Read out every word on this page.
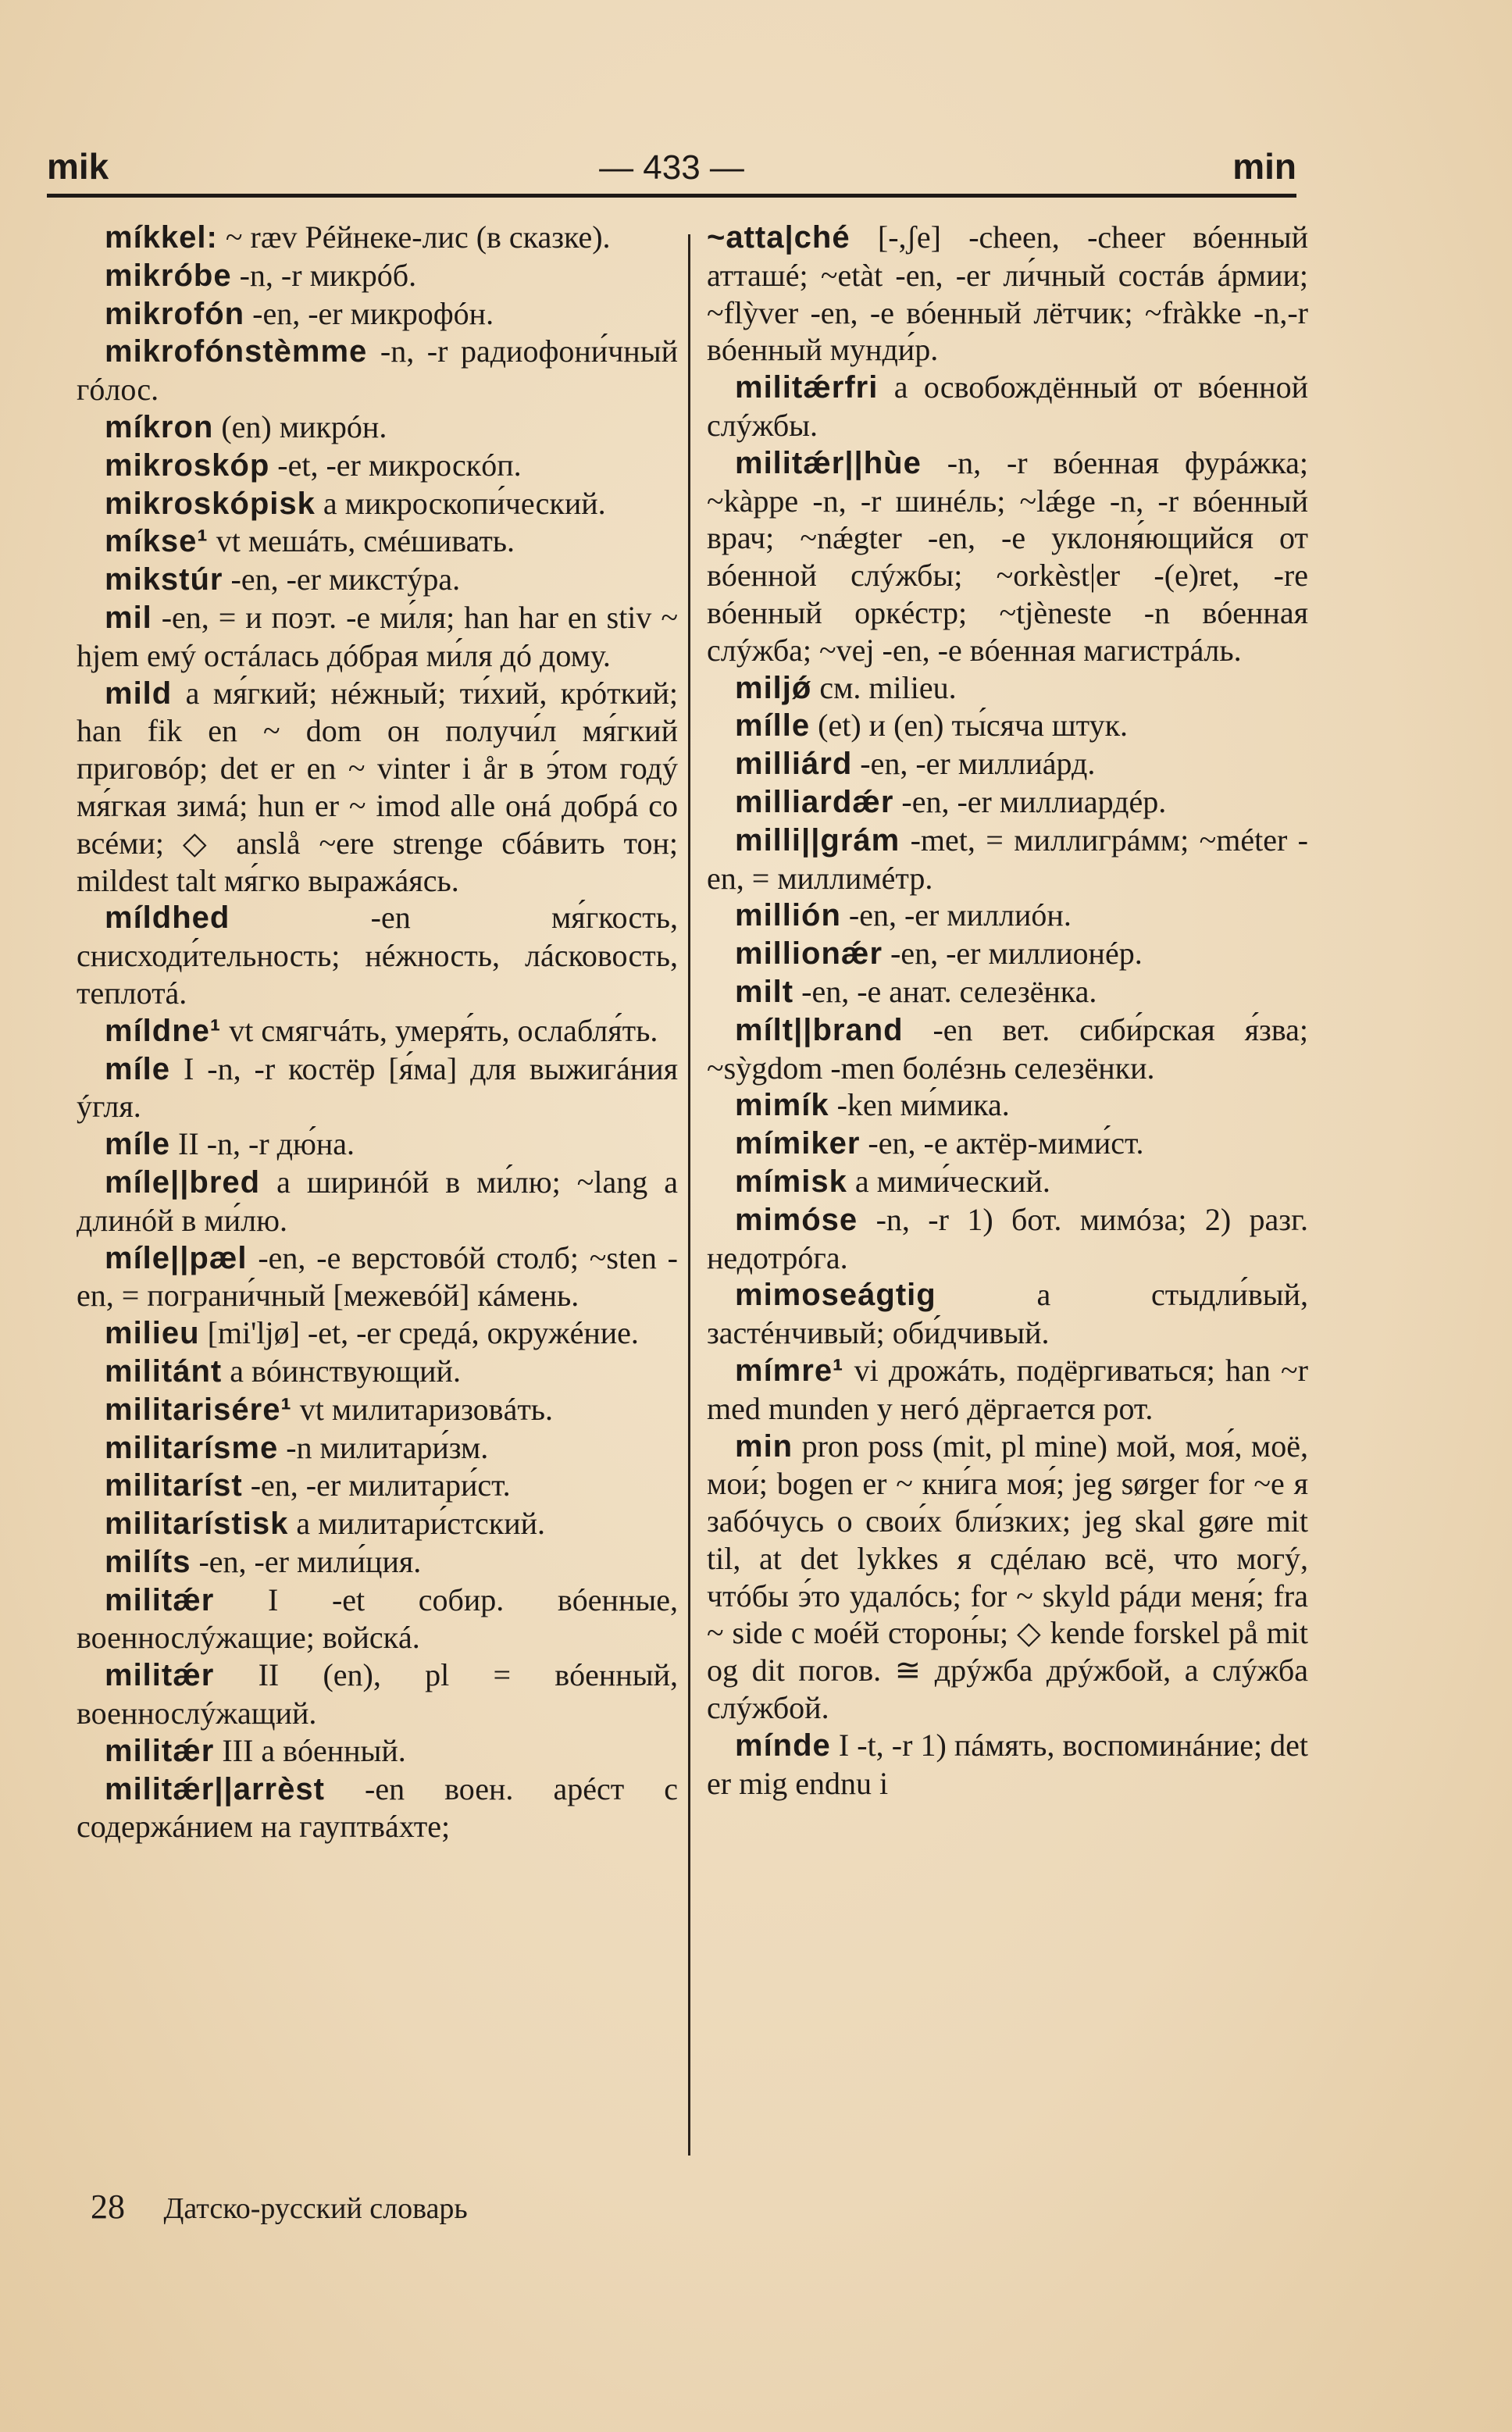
mik	— 433 —	min

míkkel: ~ ræv Рéйнеке-лис (в сказке).

mikróbe -n, -r микрóб.

mikrofón -en, -er микрофóн.

mikrofónstèmme -n, -r радиофони́чный гóлос.

míkron (en) микрóн.

mikroskóp -et, -er микроскóп.

mikroskópisk a микроскопи́ческий.

míkse¹ vt мешáть, смéшивать.

mikstúr -en, -er микстýра.

mil -en, = и поэт. -e ми́ля; han har en stiv ~ hjem емý остáлась дóбрая ми́ля дó дому.

mild a мя́гкий; нéжный; ти́хий, крóткий; han fik en ~ dom он получи́л мя́гкий приговóр; det er en ~ vinter i år в э́том годý мя́гкая зимá; hun er ~ imod alle онá добрá со всéми; ◇ anslå ~ere strenge сбáвить тон; mildest talt мя́гко выражáясь.

míldhed -en мя́гкость, снисходи́тельность; нéжность, лáсковость, теплотá.

míldne¹ vt смягчáть, умеря́ть, ослабля́ть.

míle I -n, -r костёр [я́ма] для выжигáния ýгля.

míle II -n, -r дю́на.

míle||bred a ширинóй в ми́лю; ~lang a длинóй в ми́лю.

míle||pæl -en, -e верстовóй столб; ~sten -en, = пограни́чный [межевóй] кáмень.

milieu [mi'ljø] -et, -er средá, окружéние.

militánt a вóинствующий.

militarisére¹ vt милитаризовáть.

militarísme -n милитари́зм.

militaríst -en, -er милитари́ст.

militarístisk a милитари́стский.

milíts -en, -er мили́ция.

militǽr I -et собир. вóенные, военнослýжащие; войскá.

militǽr II (en), pl = вóенный, военнослýжащий.

militǽr III a вóенный.

militǽr||arrèst -en воен. арéст с содержáнием на гауптвáхте;

~atta|ché [-,ʃe] -cheen, -cheer вóенный атташé; ~etàt -en, -er ли́чный состáв áрмии; ~flỳver -en, -e вóенный лётчик; ~fràkke -n,-r вóенный мунди́р.

militǽrfri a освобождённый от вóенной слýжбы.

militǽr||hùe -n, -r вóенная фурáжка; ~kàppe -n, -r шинéль; ~lǽge -n, -r вóенный врач; ~nǽgter -en, -e уклоня́ющийся от вóенной слýжбы; ~orkèst|er -(e)ret, -re вóенный оркéстр; ~tjèneste -n вóенная слýжба; ~vej -en, -e вóенная магистрáль.

miljǿ см. milieu.

míllе (et) и (en) ты́сяча штук.

milliárd -en, -er миллиáрд.

milliardǽr -en, -er миллиардéр.

milli||grám -met, = миллигрáмм; ~méter -en, = миллимéтр.

millión -en, -er миллиóн.

millionǽr -en, -er миллионéр.

milt -en, -e анат. селезёнка.

mílt||brand -en вет. сиби́рская я́зва; ~sỳgdom -men болéзнь селезёнки.

mimík -ken ми́мика.

mímiker -en, -e актёр-мими́ст.

mímisk a мими́ческий.

mimóse -n, -r 1) бот. мимóза; 2) разг. недотрóга.

mimoseágtig a стыдли́вый, застéнчивый; оби́дчивый.

mímre¹ vi дрожáть, подёргиваться; han ~r med munden у негó дёргается рот.

min pron poss (mit, pl mine) мой, моя́, моё, мои́; bogen er ~ кни́га моя́; jeg sørger for ~e я забóчусь о свои́х бли́зких; jeg skal gøre mit til, at det lykkes я сдéлаю всё, что могý, чтóбы э́то удалóсь; for ~ skyld рáди меня́; fra ~ side с моéй сторон́ы; ◇ kende forskel på mit og dit погов. ≅ дрýжба дрýжбой, а слýжба слýжбой.

mínde I -t, -r 1) пáмять, воспоминáние; det er mig endnu i

28 Датско-русский словарь
